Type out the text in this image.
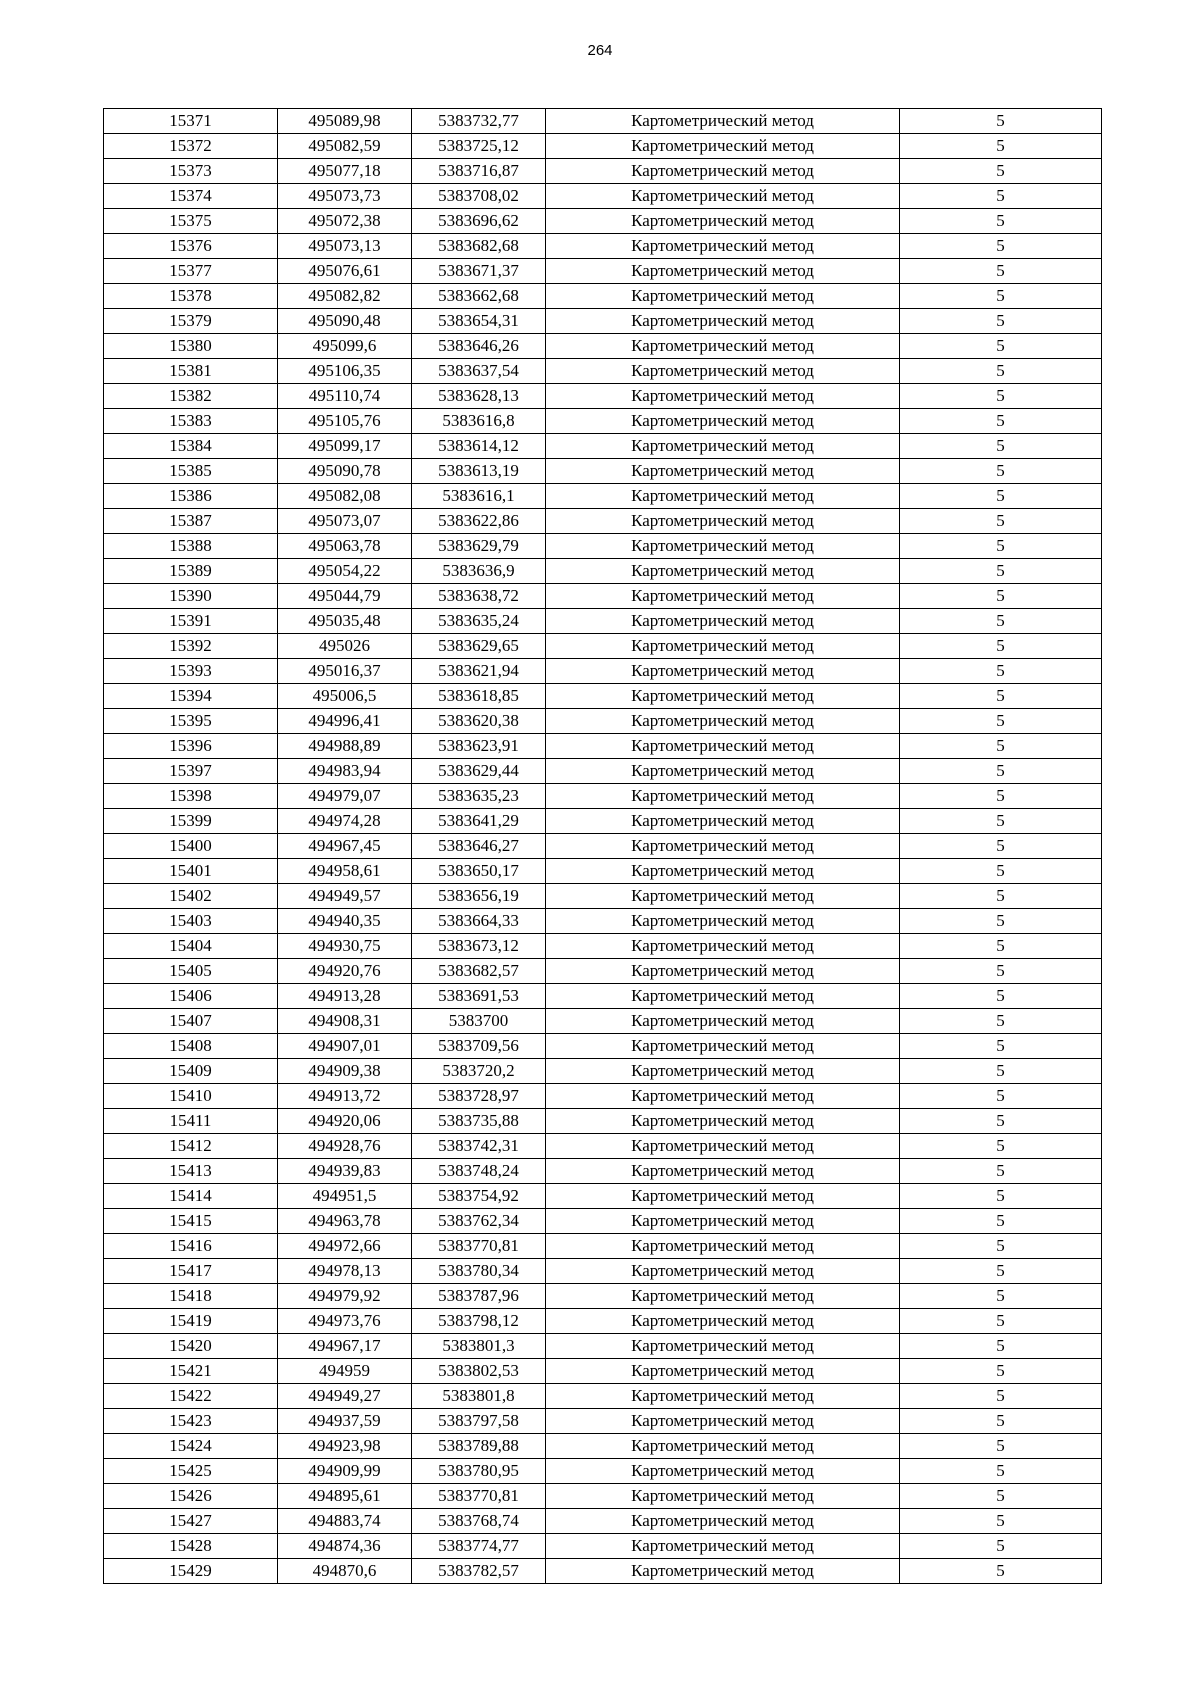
264
15371	495089,98	5383732,77	Картометрический метод	5
15372	495082,59	5383725,12	Картометрический метод	5
15373	495077,18	5383716,87	Картометрический метод	5
15374	495073,73	5383708,02	Картометрический метод	5
15375	495072,38	5383696,62	Картометрический метод	5
15376	495073,13	5383682,68	Картометрический метод	5
15377	495076,61	5383671,37	Картометрический метод	5
15378	495082,82	5383662,68	Картометрический метод	5
15379	495090,48	5383654,31	Картометрический метод	5
15380	495099,6	5383646,26	Картометрический метод	5
15381	495106,35	5383637,54	Картометрический метод	5
15382	495110,74	5383628,13	Картометрический метод	5
15383	495105,76	5383616,8	Картометрический метод	5
15384	495099,17	5383614,12	Картометрический метод	5
15385	495090,78	5383613,19	Картометрический метод	5
15386	495082,08	5383616,1	Картометрический метод	5
15387	495073,07	5383622,86	Картометрический метод	5
15388	495063,78	5383629,79	Картометрический метод	5
15389	495054,22	5383636,9	Картометрический метод	5
15390	495044,79	5383638,72	Картометрический метод	5
15391	495035,48	5383635,24	Картометрический метод	5
15392	495026	5383629,65	Картометрический метод	5
15393	495016,37	5383621,94	Картометрический метод	5
15394	495006,5	5383618,85	Картометрический метод	5
15395	494996,41	5383620,38	Картометрический метод	5
15396	494988,89	5383623,91	Картометрический метод	5
15397	494983,94	5383629,44	Картометрический метод	5
15398	494979,07	5383635,23	Картометрический метод	5
15399	494974,28	5383641,29	Картометрический метод	5
15400	494967,45	5383646,27	Картометрический метод	5
15401	494958,61	5383650,17	Картометрический метод	5
15402	494949,57	5383656,19	Картометрический метод	5
15403	494940,35	5383664,33	Картометрический метод	5
15404	494930,75	5383673,12	Картометрический метод	5
15405	494920,76	5383682,57	Картометрический метод	5
15406	494913,28	5383691,53	Картометрический метод	5
15407	494908,31	5383700	Картометрический метод	5
15408	494907,01	5383709,56	Картометрический метод	5
15409	494909,38	5383720,2	Картометрический метод	5
15410	494913,72	5383728,97	Картометрический метод	5
15411	494920,06	5383735,88	Картометрический метод	5
15412	494928,76	5383742,31	Картометрический метод	5
15413	494939,83	5383748,24	Картометрический метод	5
15414	494951,5	5383754,92	Картометрический метод	5
15415	494963,78	5383762,34	Картометрический метод	5
15416	494972,66	5383770,81	Картометрический метод	5
15417	494978,13	5383780,34	Картометрический метод	5
15418	494979,92	5383787,96	Картометрический метод	5
15419	494973,76	5383798,12	Картометрический метод	5
15420	494967,17	5383801,3	Картометрический метод	5
15421	494959	5383802,53	Картометрический метод	5
15422	494949,27	5383801,8	Картометрический метод	5
15423	494937,59	5383797,58	Картометрический метод	5
15424	494923,98	5383789,88	Картометрический метод	5
15425	494909,99	5383780,95	Картометрический метод	5
15426	494895,61	5383770,81	Картометрический метод	5
15427	494883,74	5383768,74	Картометрический метод	5
15428	494874,36	5383774,77	Картометрический метод	5
15429	494870,6	5383782,57	Картометрический метод	5
